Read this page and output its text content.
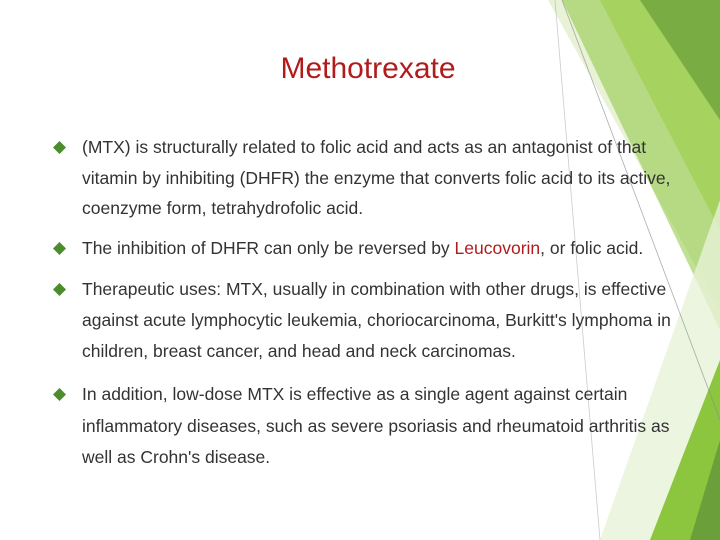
Methotrexate
(MTX) is structurally related to folic acid and acts as an antagonist of that vitamin by inhibiting (DHFR) the enzyme that converts folic acid to its active, coenzyme form, tetrahydrofolic acid.
The inhibition of DHFR can only be reversed by Leucovorin, or folic acid.
Therapeutic uses: MTX, usually in combination with other drugs, is effective against acute lymphocytic leukemia, choriocarcinoma, Burkitt's lymphoma in children, breast cancer, and head and neck carcinomas.
In addition, low-dose MTX is effective as a single agent against certain inflammatory diseases, such as severe psoriasis and rheumatoid arthritis as well as Crohn's disease.
